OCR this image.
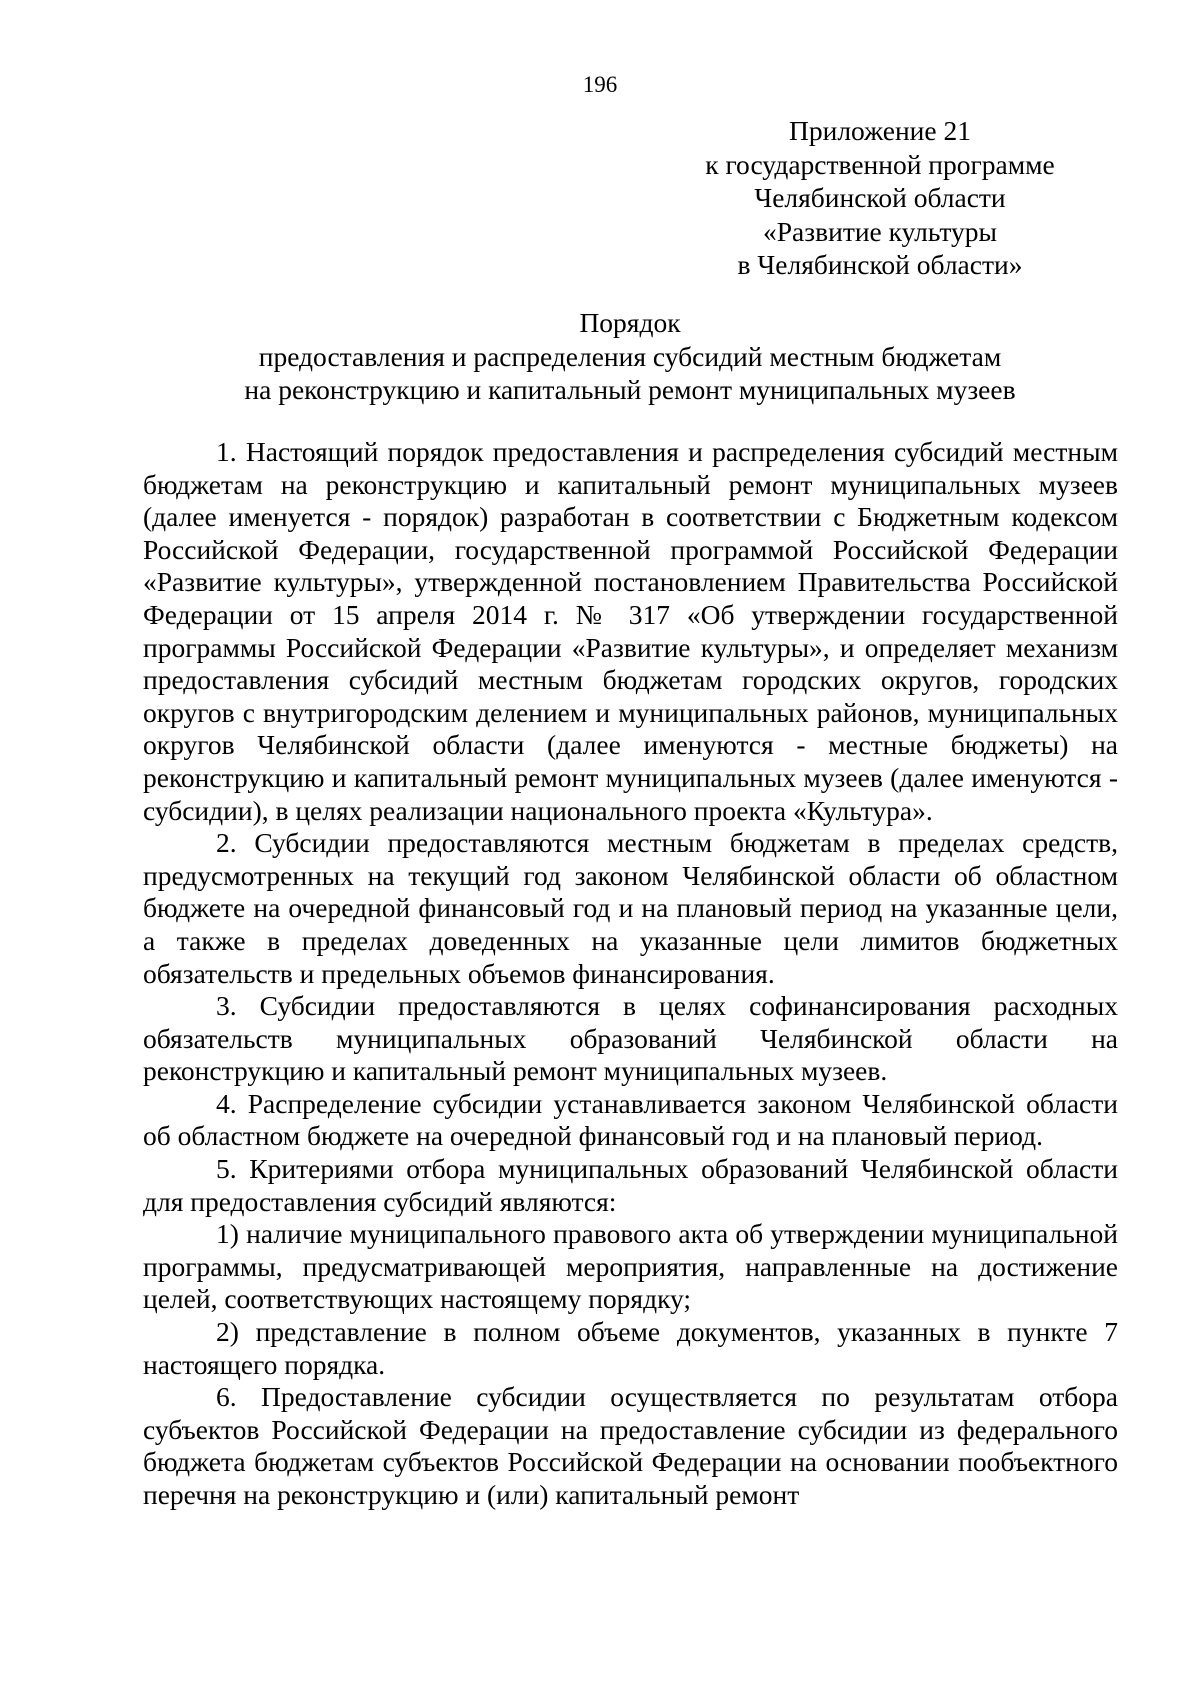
196
Приложение 21
к государственной программе
Челябинской области
«Развитие культуры
в Челябинской области»
Порядок
предоставления и распределения субсидий местным бюджетам
на реконструкцию и капитальный ремонт муниципальных музеев

1. Настоящий порядок предоставления и распределения субсидий местным бюджетам на реконструкцию и капитальный ремонт муниципальных музеев (далее именуется - порядок) разработан в соответствии с Бюджетным кодексом Российской Федерации, государственной программой Российской Федерации «Развитие культуры», утвержденной постановлением Правительства Российской Федерации от 15 апреля 2014 г. № 317 «Об утверждении государственной программы Российской Федерации «Развитие культуры», и определяет механизм предоставления субсидий местным бюджетам городских округов, городских округов с внутригородским делением и муниципальных районов, муниципальных округов Челябинской области (далее именуются - местные бюджеты) на реконструкцию и капитальный ремонт муниципальных музеев (далее именуются - субсидии), в целях реализации национального проекта «Культура».

2. Субсидии предоставляются местным бюджетам в пределах средств, предусмотренных на текущий год законом Челябинской области об областном бюджете на очередной финансовый год и на плановый период на указанные цели, а также в пределах доведенных на указанные цели лимитов бюджетных обязательств и предельных объемов финансирования.

3. Субсидии предоставляются в целях софинансирования расходных обязательств муниципальных образований Челябинской области на реконструкцию и капитальный ремонт муниципальных музеев.

4. Распределение субсидии устанавливается законом Челябинской области об областном бюджете на очередной финансовый год и на плановый период.

5. Критериями отбора муниципальных образований Челябинской области для предоставления субсидий являются:

1) наличие муниципального правового акта об утверждении муниципальной программы, предусматривающей мероприятия, направленные на достижение целей, соответствующих настоящему порядку;

2) представление в полном объеме документов, указанных в пункте 7 настоящего порядка.

6. Предоставление субсидии осуществляется по результатам отбора субъектов Российской Федерации на предоставление субсидии из федерального бюджета бюджетам субъектов Российской Федерации на основании пообъектного перечня на реконструкцию и (или) капитальный ремонт
